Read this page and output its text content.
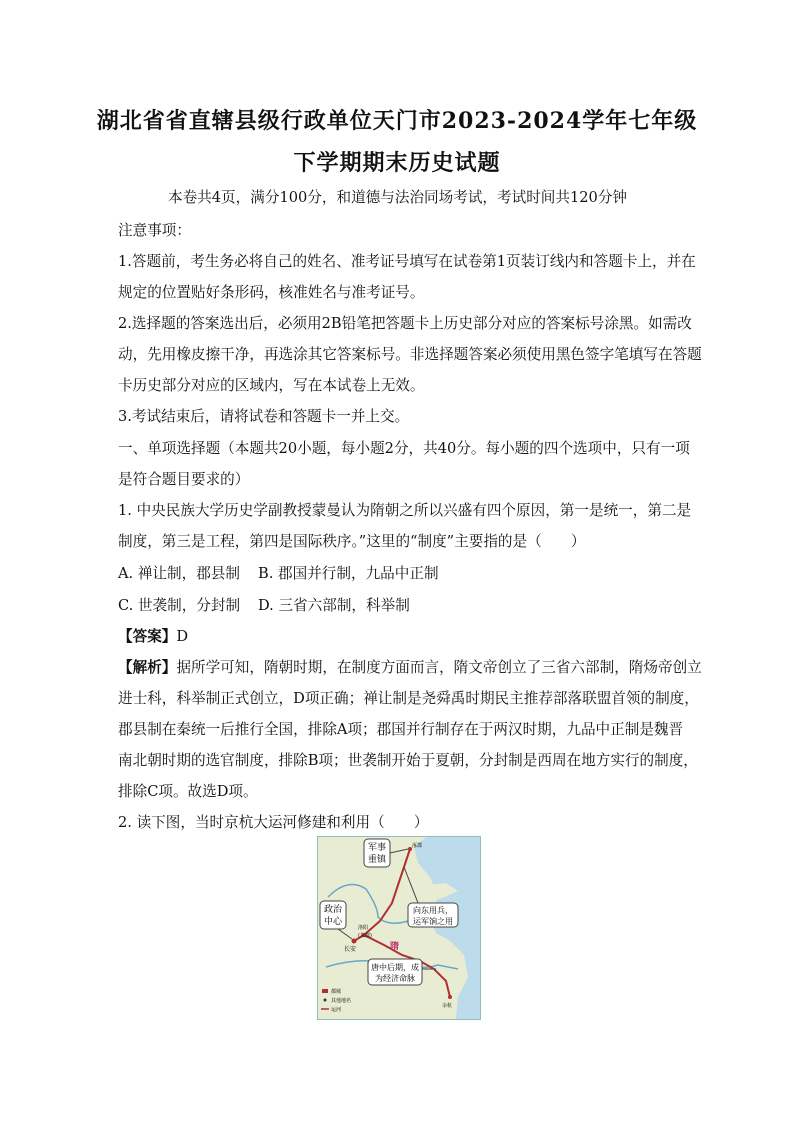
湖北省省直辖县级行政单位天门市2023-2024学年七年级
下学期期末历史试题
本卷共4页，满分100分，和道德与法治同场考试，考试时间共120分钟
注意事项：
1.答题前，考生务必将自己的姓名、准考证号填写在试卷第1页装订线内和答题卡上，并在
规定的位置贴好条形码，核准姓名与准考证号。
2.选择题的答案选出后，必须用2B铅笔把答题卡上历史部分对应的答案标号涂黑。如需改
动，先用橡皮擦干净，再选涂其它答案标号。非选择题答案必须使用黑色签字笔填写在答题
卡历史部分对应的区域内，写在本试卷上无效。
3.考试结束后，请将试卷和答题卡一并上交。
一、单项选择题（本题共20小题，每小题2分，共40分。每小题的四个选项中，只有一项
是符合题目要求的）
1. 中央民族大学历史学副教授蒙曼认为隋朝之所以兴盛有四个原因，第一是统一，第二是
制度，第三是工程，第四是国际秩序。”这里的“制度”主要指的是（　　）
A. 禅让制，郡县制 B. 郡国并行制，九品中正制
C. 世袭制，分封制 D. 三省六部制，科举制
【答案】D
【解析】据所学可知，隋朝时期，在制度方面而言，隋文帝创立了三省六部制，隋炀帝创立
进士科，科举制正式创立，D项正确；禅让制是尧舜禹时期民主推荐部落联盟首领的制度，
郡县制在秦统一后推行全国，排除A项；郡国并行制存在于两汉时期，九品中正制是魏晋
南北朝时期的选官制度，排除B项；世袭制开始于夏朝，分封制是西周在地方实行的制度，
排除C项。故选D项。
2. 读下图，当时京杭大运河修建和利用（　　）
军事
重镇
政治
中心
向东用兵，
运军饷之用
唐中后期，成
为经济命脉
长安
洛阳
(东都)
涿郡
余杭
隋
都城
其他地名
运河
